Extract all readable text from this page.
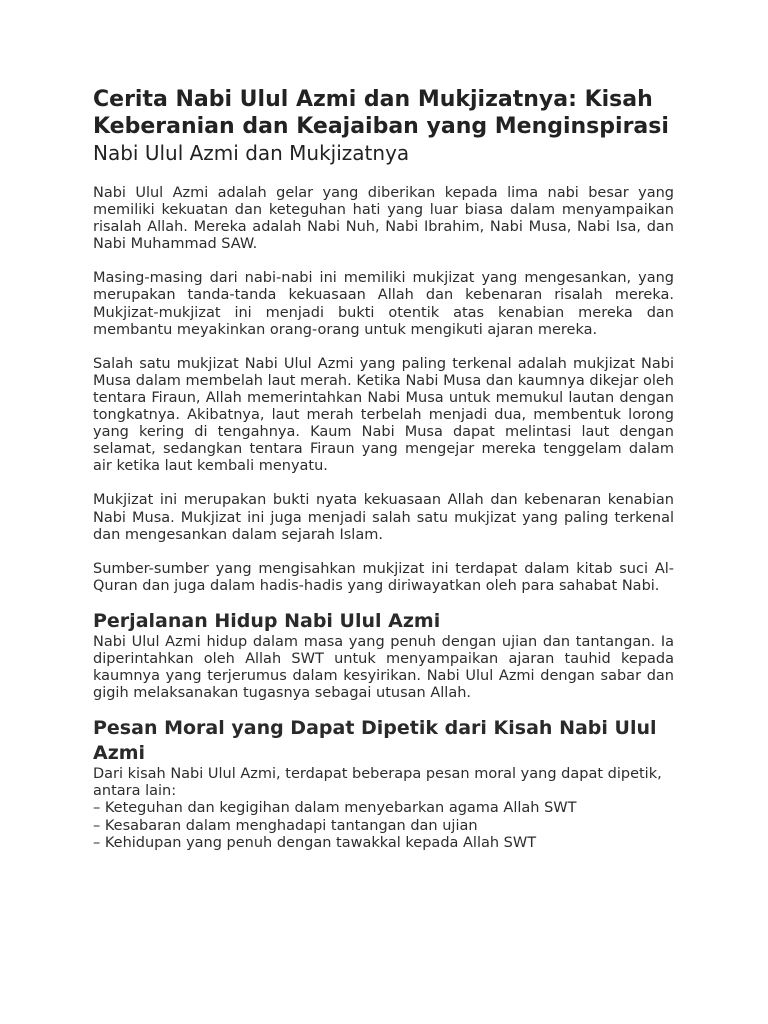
Cerita Nabi Ulul Azmi dan Mukjizatnya: Kisah Keberanian dan Keajaiban yang Menginspirasi
Nabi Ulul Azmi dan Mukjizatnya

Nabi Ulul Azmi adalah gelar yang diberikan kepada lima nabi besar yang memiliki kekuatan dan keteguhan hati yang luar biasa dalam menyampaikan risalah Allah. Mereka adalah Nabi Nuh, Nabi Ibrahim, Nabi Musa, Nabi Isa, dan Nabi Muhammad SAW.

Masing-masing dari nabi-nabi ini memiliki mukjizat yang mengesankan, yang merupakan tanda-tanda kekuasaan Allah dan kebenaran risalah mereka. Mukjizat-mukjizat ini menjadi bukti otentik atas kenabian mereka dan membantu meyakinkan orang-orang untuk mengikuti ajaran mereka.

Salah satu mukjizat Nabi Ulul Azmi yang paling terkenal adalah mukjizat Nabi Musa dalam membelah laut merah. Ketika Nabi Musa dan kaumnya dikejar oleh tentara Firaun, Allah memerintahkan Nabi Musa untuk memukul lautan dengan tongkatnya. Akibatnya, laut merah terbelah menjadi dua, membentuk lorong yang kering di tengahnya. Kaum Nabi Musa dapat melintasi laut dengan selamat, sedangkan tentara Firaun yang mengejar mereka tenggelam dalam air ketika laut kembali menyatu.

Mukjizat ini merupakan bukti nyata kekuasaan Allah dan kebenaran kenabian Nabi Musa. Mukjizat ini juga menjadi salah satu mukjizat yang paling terkenal dan mengesankan dalam sejarah Islam.

Sumber-sumber yang mengisahkan mukjizat ini terdapat dalam kitab suci Al-Quran dan juga dalam hadis-hadis yang diriwayatkan oleh para sahabat Nabi.

Perjalanan Hidup Nabi Ulul Azmi

Nabi Ulul Azmi hidup dalam masa yang penuh dengan ujian dan tantangan. Ia diperintahkan oleh Allah SWT untuk menyampaikan ajaran tauhid kepada kaumnya yang terjerumus dalam kesyirikan. Nabi Ulul Azmi dengan sabar dan gigih melaksanakan tugasnya sebagai utusan Allah.

Pesan Moral yang Dapat Dipetik dari Kisah Nabi Ulul Azmi

Dari kisah Nabi Ulul Azmi, terdapat beberapa pesan moral yang dapat dipetik, antara lain:

– Keteguhan dan kegigihan dalam menyebarkan agama Allah SWT
– Kesabaran dalam menghadapi tantangan dan ujian
– Kehidupan yang penuh dengan tawakkal kepada Allah SWT
